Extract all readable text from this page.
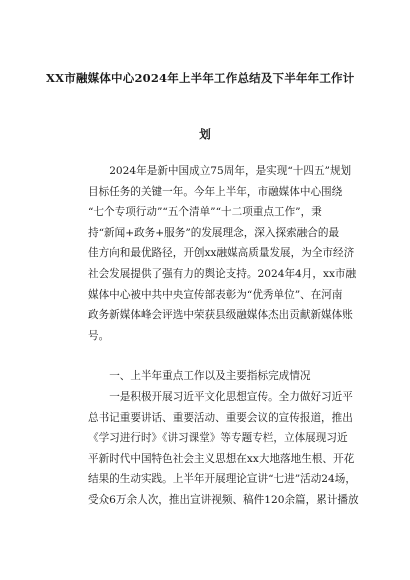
XX市融媒体中心2024年上半年工作总结及下半年年工作计
划
2024年是新中国成立75周年，是实现“十四五”规划
目标任务的关键一年。今年上半年，市融媒体中心围绕
“七个专项行动”“五个清单”“十二项重点工作”，秉
持“新闻+政务+服务”的发展理念，深入探索融合的最
佳方向和最优路径，开创xx融媒高质量发展，为全市经济
社会发展提供了强有力的舆论支持。2024年4月，xx市融
媒体中心被中共中央宣传部表彰为“优秀单位”、在河南
政务新媒体峰会评选中荣获县级融媒体杰出贡献新媒体账
号。
一、上半年重点工作以及主要指标完成情况
一是积极开展习近平文化思想宣传。全力做好习近平
总书记重要讲话、重要活动、重要会议的宣传报道，推出
《学习进行时》《讲习课堂》等专题专栏，立体展现习近
平新时代中国特色社会主义思想在xx大地落地生根、开花
结果的生动实践。上半年开展理论宣讲“七进”活动24场，
受众6万余人次，推出宣讲视频、稿件120余篇，累计播放
